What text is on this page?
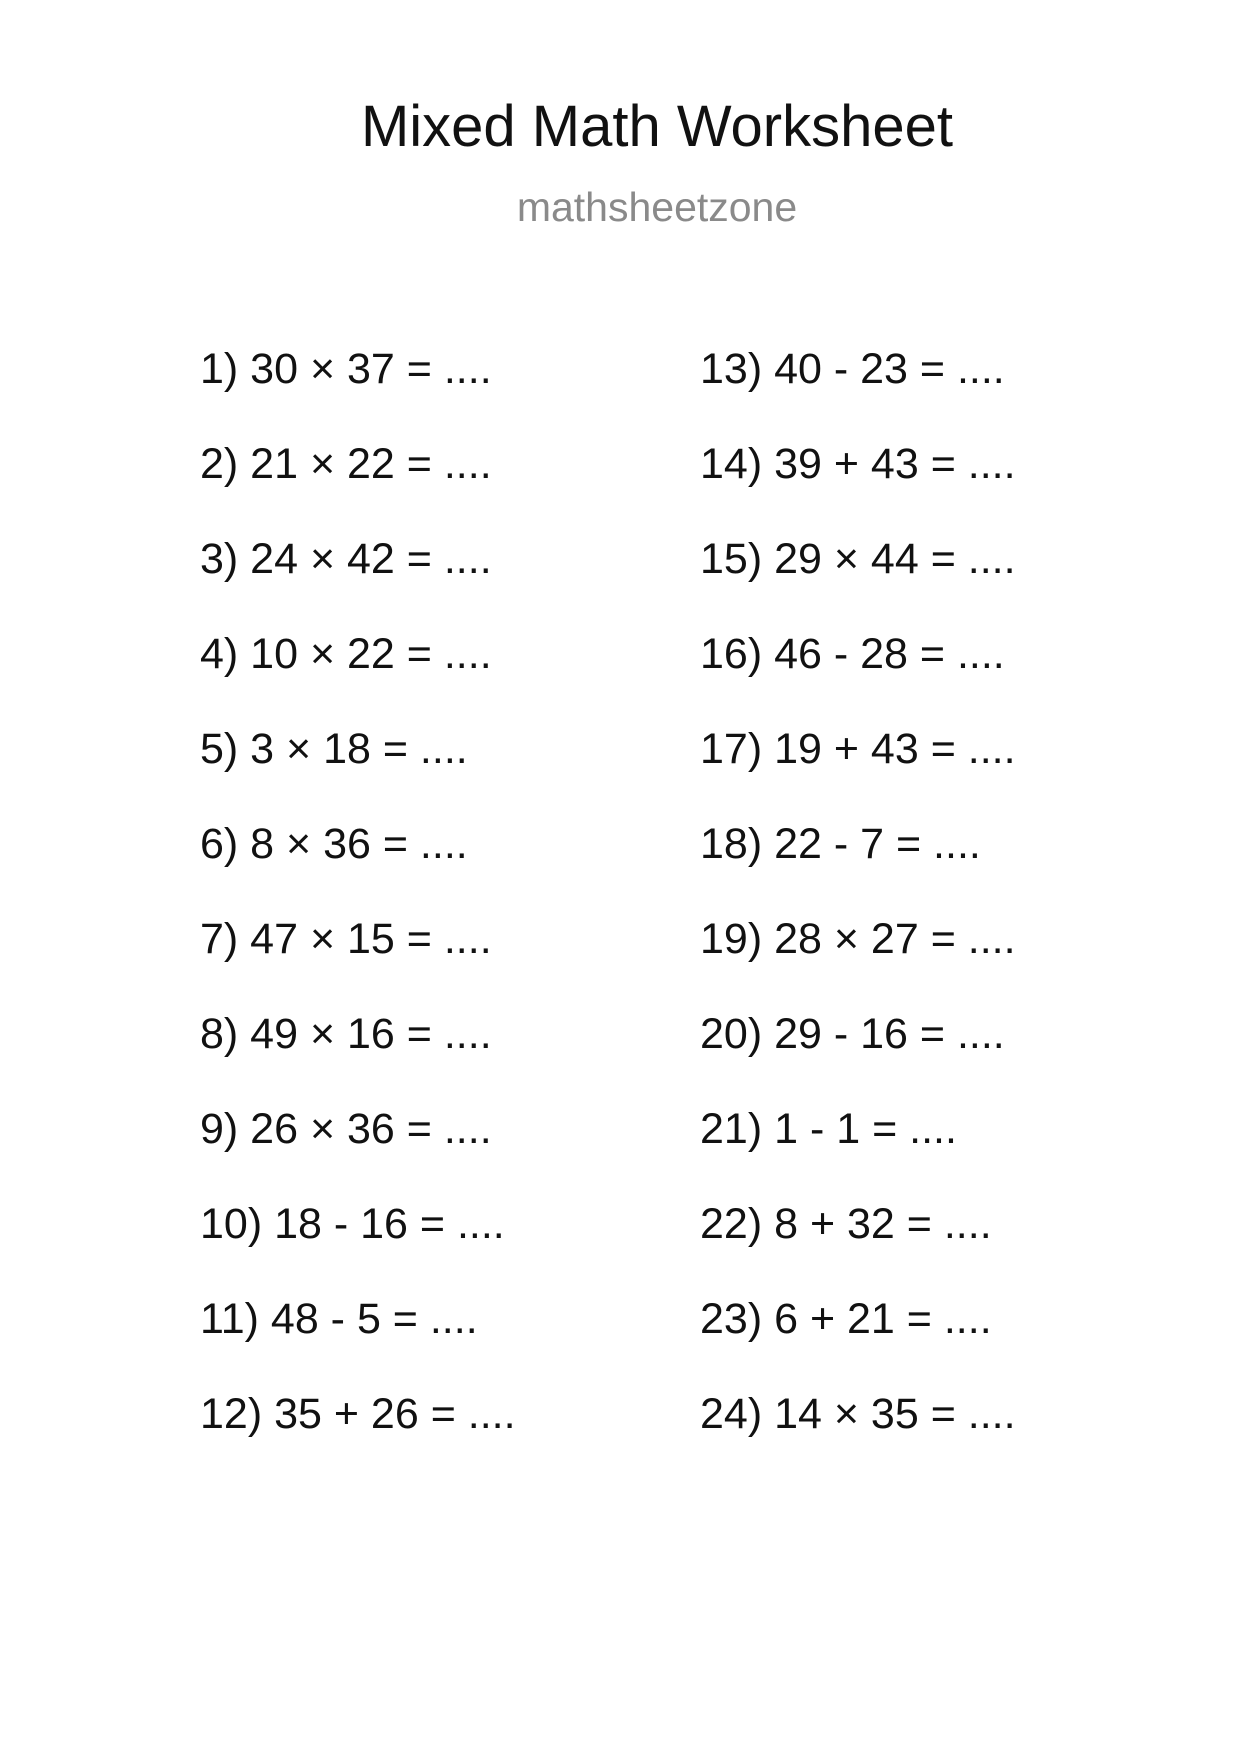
Mixed Math Worksheet
mathsheetzone
1) 30 × 37 = ....
2) 21 × 22 = ....
3) 24 × 42 = ....
4) 10 × 22 = ....
5) 3 × 18 = ....
6) 8 × 36 = ....
7) 47 × 15 = ....
8) 49 × 16 = ....
9) 26 × 36 = ....
10) 18 - 16 = ....
11) 48 - 5 = ....
12) 35 + 26 = ....
13) 40 - 23 = ....
14) 39 + 43 = ....
15) 29 × 44 = ....
16) 46 - 28 = ....
17) 19 + 43 = ....
18) 22 - 7 = ....
19) 28 × 27 = ....
20) 29 - 16 = ....
21) 1 - 1 = ....
22) 8 + 32 = ....
23) 6 + 21 = ....
24) 14 × 35 = ....
